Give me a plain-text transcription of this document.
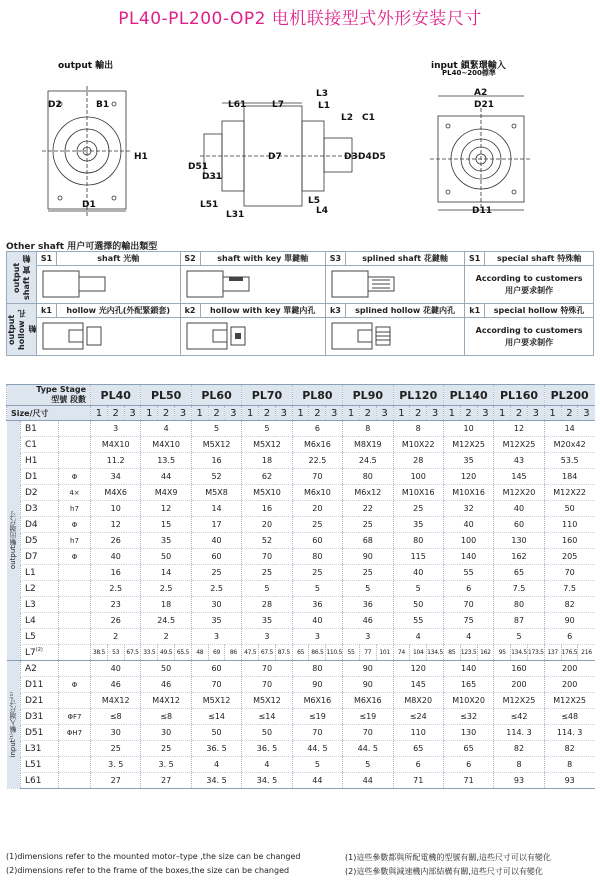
PL40-PL200-OP2 电机联接型式外形安装尺寸
output 輸出	input 鎖緊環輸入
PL40~200標準
D2	B1
H1
D1
L61	L7
L3
L1
L2 C1
D51
D31
D7	D3 D4 D5
L51
L31
L5
L4
A2
D21
D11
Other shaft 用户可選擇的輸出類型
output shaft 實 軸	S1	shaft 光軸	S2	shaft with key 單鍵軸	S3	splined shaft 花鍵軸	S1	special shaft 特殊軸

According to customers
用户要求制作	

output hollow 孔 軸	k1	hollow 光内孔(外配緊鎖套)	k2	hollow with key 單鍵内孔	k3	splined hollow 花鍵内孔	k1	special hollow 特殊孔

According to customers
用户要求制作	
Type Stage
型號 段數			PL40			PL50			PL60			PL70			PL80			PL90			PL120			PL140			PL160			PL200		
Size/尺寸			1	2	3	1	2	3	1	2	3	1	2	3	1	2	3	1	2	3	1	2	3	1	2	3	1	2	3	1	2	3

output輸出端尺寸	B1		3			4			5			5			6			8			8			10			12			14		
	C1		M4X10			M4X10			M5X12			M5X12			M6x16			M8X19			M10X22			M12X25			M12X25			M20x42		
	H1		11.2			13.5			16			18			22.5			24.5			28			35			43			53.5		
	D1	Φ	34			44			52			62			70			80			100			120			145			184		
	D2	4×	M4X6			M4X9			M5X8			M5X10			M6x10			M6x12			M10X16			M10X16			M12X20			M12X22		
	D3	h7	10			12			14			16			20			22			25			32			40			50		
	D4	Φ	12			15			17			20			25			25			35			40			60			110		
	D5	h7	26			35			40			52			60			68			80			100			130			160		
	D7	Φ	40			50			60			70			80			90			115			140			162			205		
	L1		16			14			25			25			25			25			40			55			65			70		
	L2		2.5			2.5			2.5			5			5			5			5			6			7.5			7.5		
	L3		23			18			30			28			36			36			50			70			80			82		
	L4		26			24.5			35			35			40			46			55			75			87			90		
	L5		2			2			3			3			3			3			4			4			5			6		
	L7$^{(2)}$		38.5	53	67.5	33.5	49.5	65.5	48	69	86	47.5	67.5	87.5	65	86.5	110.5	55	77	101	74	104	134.5	85	123.5	162	95	134.5	173.5	137	176.5	216

input⁽¹⁾輸入端尺寸⁽¹⁾	A2		40			50			60			70			80			90			120			140			160			200		
	D11	Φ	46			46			70			70			90			90			145			165			200			200		
	D21		M4X12			M4X12			M5X12			M5X12			M6X16			M6X16			M8X20			M10X20			M12X25			M12X25		
	D31	ΦF7	≤8			≤8			≤14			≤14			≤19			≤19			≤24			≤32			≤42			≤48		
	D51	ΦH7	30			30			50			50			70			70			110			130			114. 3			114. 3		
	L31		25			25			36. 5			36. 5			44. 5			44. 5			65			65			82			82		
	L51		3. 5			3. 5			4			4			5			5			6			6			8			8		
	L61		27			27			34. 5			34. 5			44			44			71			71			93			93		
(1)dimensions refer to the mounted motor–type ,the size can be changed
(2)dimensions refer to the frame of the boxes,the size can be changed
(1)這些參數都與所配電機的型號有關,這些尺寸可以有變化
(2)這些參數與減速機内部結構有關,這些尺寸可以有變化
